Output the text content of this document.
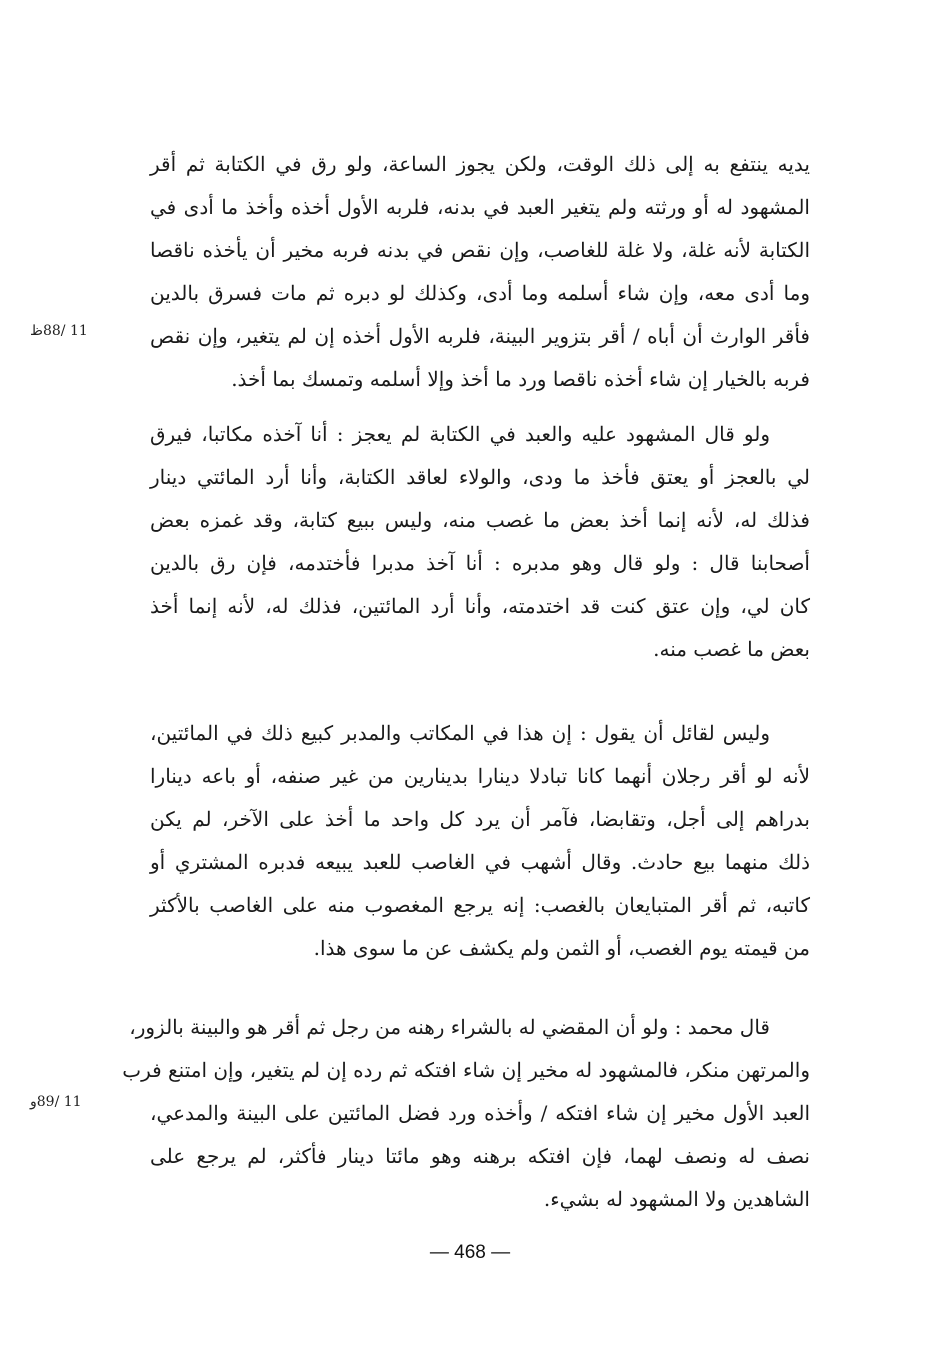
يديه ينتفع به إلى ذلك الوقت، ولكن يجوز الساعة، ولو رق في الكتابة ثم أقر
المشهود له أو ورثته ولم يتغير العبد في بدنه، فلربه الأول أخذه وأخذ ما أدى في
الكتابة لأنه غلة، ولا غلة للغاصب، وإن نقص في بدنه فربه مخير أن يأخذه ناقصا
وما أدى معه، وإن شاء أسلمه وما أدى، وكذلك لو دبره ثم مات فسرق بالدين
فأقر الوارث أن أباه / أقر بتزوير البينة، فلربه الأول أخذه إن لم يتغير، وإن نقص
فربه بالخيار إن شاء أخذه ناقصا ورد ما أخذ وإلا أسلمه وتمسك بما أخذ.
ولو قال المشهود عليه والعبد في الكتابة لم يعجز : أنا آخذه مكاتبا، فيرق
لي بالعجز أو يعتق فأخذ ما ودى، والولاء لعاقد الكتابة، وأنا أرد المائتي دينار
فذلك له، لأنه إنما أخذ بعض ما غصب منه، وليس ببيع كتابة، وقد غمزه بعض
أصحابنا قال : ولو قال وهو مدبره : أنا آخذ مدبرا فأختدمه، فإن رق بالدين
كان لي، وإن عتق كنت قد اختدمته، وأنا أرد المائتين، فذلك له، لأنه إنما أخذ
بعض ما غصب منه.
وليس لقائل أن يقول : إن هذا في المكاتب والمدبر كبيع ذلك في المائتين،
لأنه لو أقر رجلان أنهما كانا تبادلا دينارا بدينارين من غير صنفه، أو باعه دينارا
بدراهم إلى أجل، وتقابضا، فآمر أن يرد كل واحد ما أخذ على الآخر، لم يكن
ذلك منهما بيع حادث. وقال أشهب في الغاصب للعبد يبيعه فدبره المشتري أو
كاتبه، ثم أقر المتبايعان بالغصب: إنه يرجع المغصوب منه على الغاصب بالأكثر
من قيمته يوم الغصب، أو الثمن ولم يكشف عن ما سوى هذا.
قال محمد : ولو أن المقضي له بالشراء رهنه من رجل ثم أقر هو والبينة بالزور،
والمرتهن منكر، فالمشهود له مخير إن شاء افتكه ثم رده إن لم يتغير، وإن امتنع فرب
العبد الأول مخير إن شاء افتكه / وأخذه ورد فضل المائتين على البينة والمدعي،
نصف له ونصف لهما، فإن افتكه برهنه وهو مائتا دينار فأكثر، لم يرجع على
الشاهدين ولا المشهود له بشيء.
11 /88ظ
11 /89و
— 468 —
